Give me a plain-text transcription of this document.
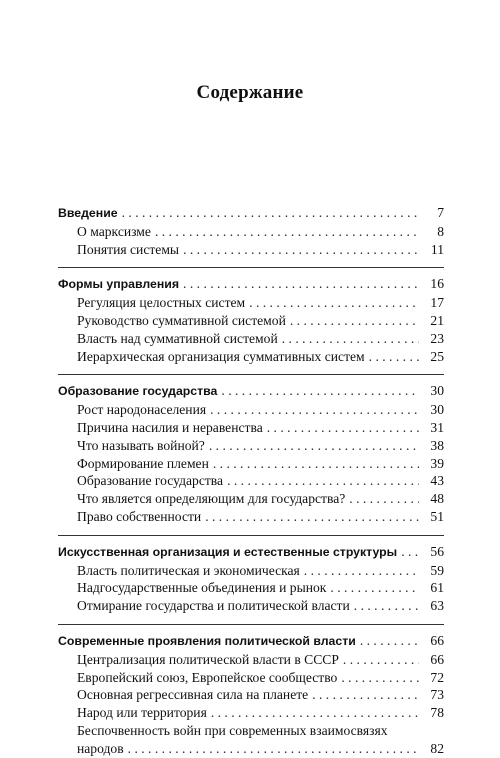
Содержание
Введение . . .	7
О марксизме . . .	8
Понятия системы . . .	11
Формы управления . . .	16
Регуляция целостных систем . . .	17
Руководство суммативной системой . . .	21
Власть над суммативной системой . . .	23
Иерархическая организация суммативных систем . . .	25
Образование государства . . .	30
Рост народонаселения . . .	30
Причина насилия и неравенства . . .	31
Что называть войной? . . .	38
Формирование племен . . .	39
Образование государства . . .	43
Что является определяющим для государства? . . .	48
Право собственности . . .	51
Искусственная организация и естественные структуры . . .	56
Власть политическая и экономическая . . .	59
Надгосударственные объединения и рынок . . .	61
Отмирание государства и политической власти . . .	63
Современные проявления политической власти . . .	66
Централизация политической власти в СССР . . .	66
Европейский союз, Европейское сообщество . . .	72
Основная регрессивная сила на планете . . .	73
Народ или территория . . .	78
Беспочвенность войн при современных взаимосвязях
народов . . .	82
